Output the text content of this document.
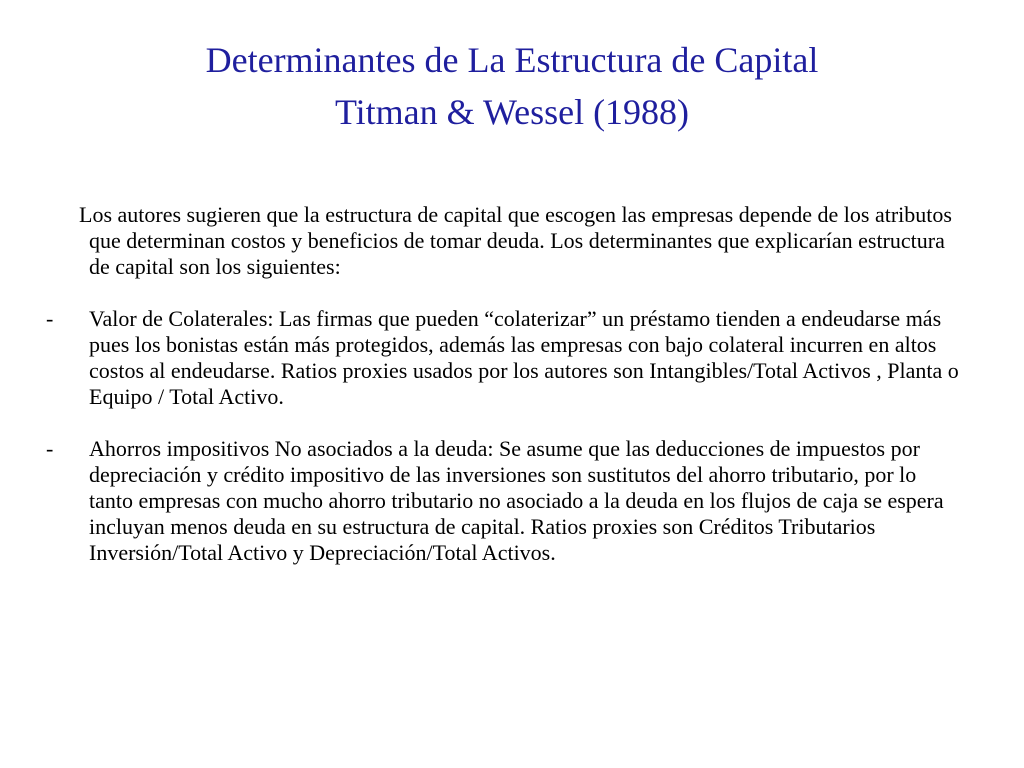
Determinantes de La Estructura de Capital
Titman & Wessel (1988)

Los autores sugieren que la estructura de capital que escogen las empresas depende de los atributos que determinan costos y beneficios de tomar deuda. Los determinantes que explicarían estructura de capital son los siguientes:

-	Valor de Colaterales: Las firmas que pueden “colaterizar” un préstamo tienden a endeudarse más pues los bonistas están más protegidos, además las empresas con bajo colateral incurren en altos costos al endeudarse. Ratios proxies usados por los autores son Intangibles/Total Activos , Planta o Equipo / Total Activo.
-	Ahorros impositivos No asociados a la deuda: Se asume que las deducciones de impuestos por depreciación y crédito impositivo de las inversiones son sustitutos del ahorro tributario, por lo tanto empresas con mucho ahorro tributario no asociado a la deuda en los flujos de caja se espera incluyan menos deuda en su estructura de capital. Ratios proxies son Créditos Tributarios Inversión/Total Activo y Depreciación/Total Activos.
